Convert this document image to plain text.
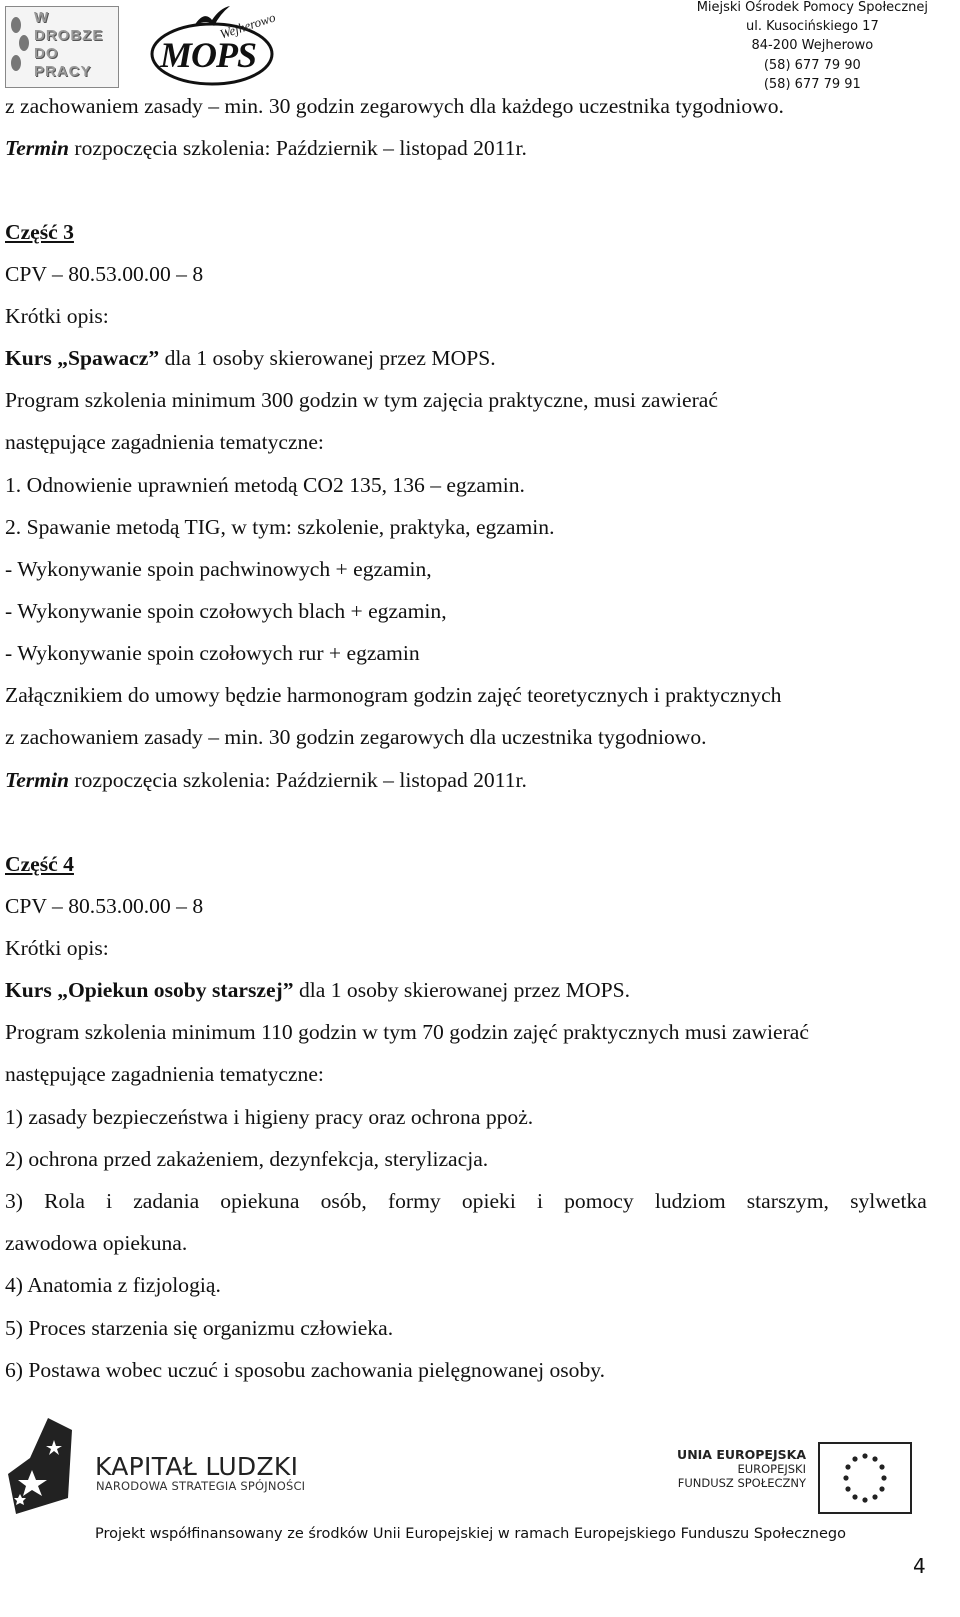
W
DROBZE
DO
PRACY
Wejherowo
MOPS
Miejski Ośrodek Pomocy Społecznej
ul. Kusocińskiego 17
84-200 Wejherowo
(58) 677 79 90
(58) 677 79 91
z zachowaniem zasady – min. 30 godzin zegarowych dla każdego uczestnika tygodniowo.
Termin rozpoczęcia szkolenia: Październik – listopad 2011r.
Część 3
CPV – 80.53.00.00 – 8
Krótki opis:
Kurs „Spawacz” dla 1 osoby skierowanej przez MOPS.
Program szkolenia minimum 300 godzin w tym zajęcia praktyczne, musi zawierać
następujące zagadnienia tematyczne:
1. Odnowienie uprawnień metodą CO2 135, 136 – egzamin.
2. Spawanie metodą TIG, w tym: szkolenie, praktyka, egzamin.
- Wykonywanie spoin pachwinowych + egzamin,
- Wykonywanie spoin czołowych blach + egzamin,
- Wykonywanie spoin czołowych rur + egzamin
Załącznikiem do umowy będzie harmonogram godzin zajęć teoretycznych i praktycznych
z zachowaniem zasady – min. 30 godzin zegarowych dla uczestnika tygodniowo.
Termin rozpoczęcia szkolenia: Październik – listopad 2011r.
Część 4
CPV – 80.53.00.00 – 8
Krótki opis:
Kurs „Opiekun osoby starszej” dla 1 osoby skierowanej przez MOPS.
Program szkolenia minimum 110 godzin w tym 70 godzin zajęć praktycznych musi zawierać
następujące zagadnienia tematyczne:
1) zasady bezpieczeństwa i higieny pracy oraz ochrona ppoż.
2) ochrona przed zakażeniem, dezynfekcja, sterylizacja.
3) Rola i zadania opiekuna osób, formy opieki i pomocy ludziom starszym, sylwetka
zawodowa opiekuna.
4) Anatomia z fizjologią.
5) Proces starzenia się organizmu człowieka.
6) Postawa wobec uczuć i sposobu zachowania pielęgnowanej osoby.
KAPITAŁ LUDZKI
NARODOWA STRATEGIA SPÓJNOŚCI
UNIA EUROPEJSKA
EUROPEJSKI
FUNDUSZ SPOŁECZNY
Projekt współfinansowany ze środków Unii Europejskiej w ramach Europejskiego Funduszu Społecznego
4
